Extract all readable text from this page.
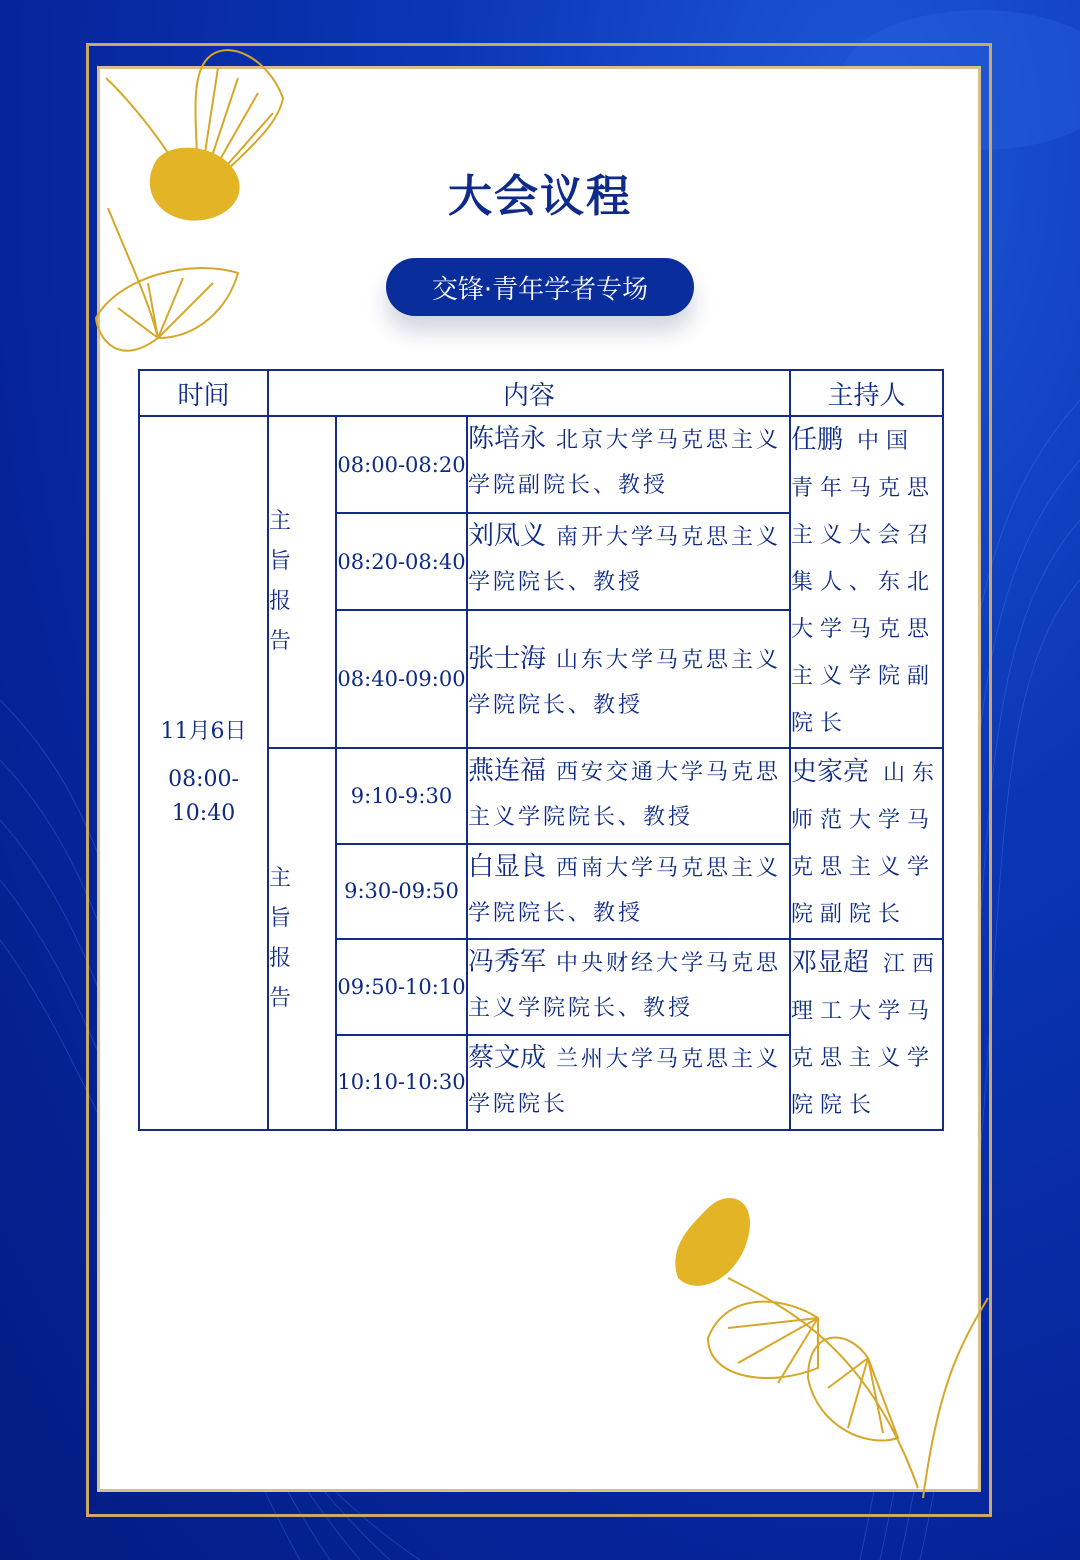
大会议程
交锋·青年学者专场
时间	内容			主持人

11月6日
08:00-10:40	主旨报告	08:00-08:20	陈培永 北京大学马克思主义学院副院长、教授	任鹏 中国青年马克思主义大会召集人、东北大学马克思主义学院副院长
		08:20-08:40	刘凤义 南开大学马克思主义学院院长、教授	
		08:40-09:00	张士海 山东大学马克思主义学院院长、教授	

	主旨报告	9:10-9:30	燕连福 西安交通大学马克思主义学院院长、教授	史家亮 山东师范大学马克思主义学院副院长
		9:30-09:50	白显良 西南大学马克思主义学院院长、教授	
		09:50-10:10	冯秀军 中央财经大学马克思主义学院院长、教授	邓显超 江西理工大学马克思主义学院院长
		10:10-10:30	蔡文成 兰州大学马克思主义学院院长	
